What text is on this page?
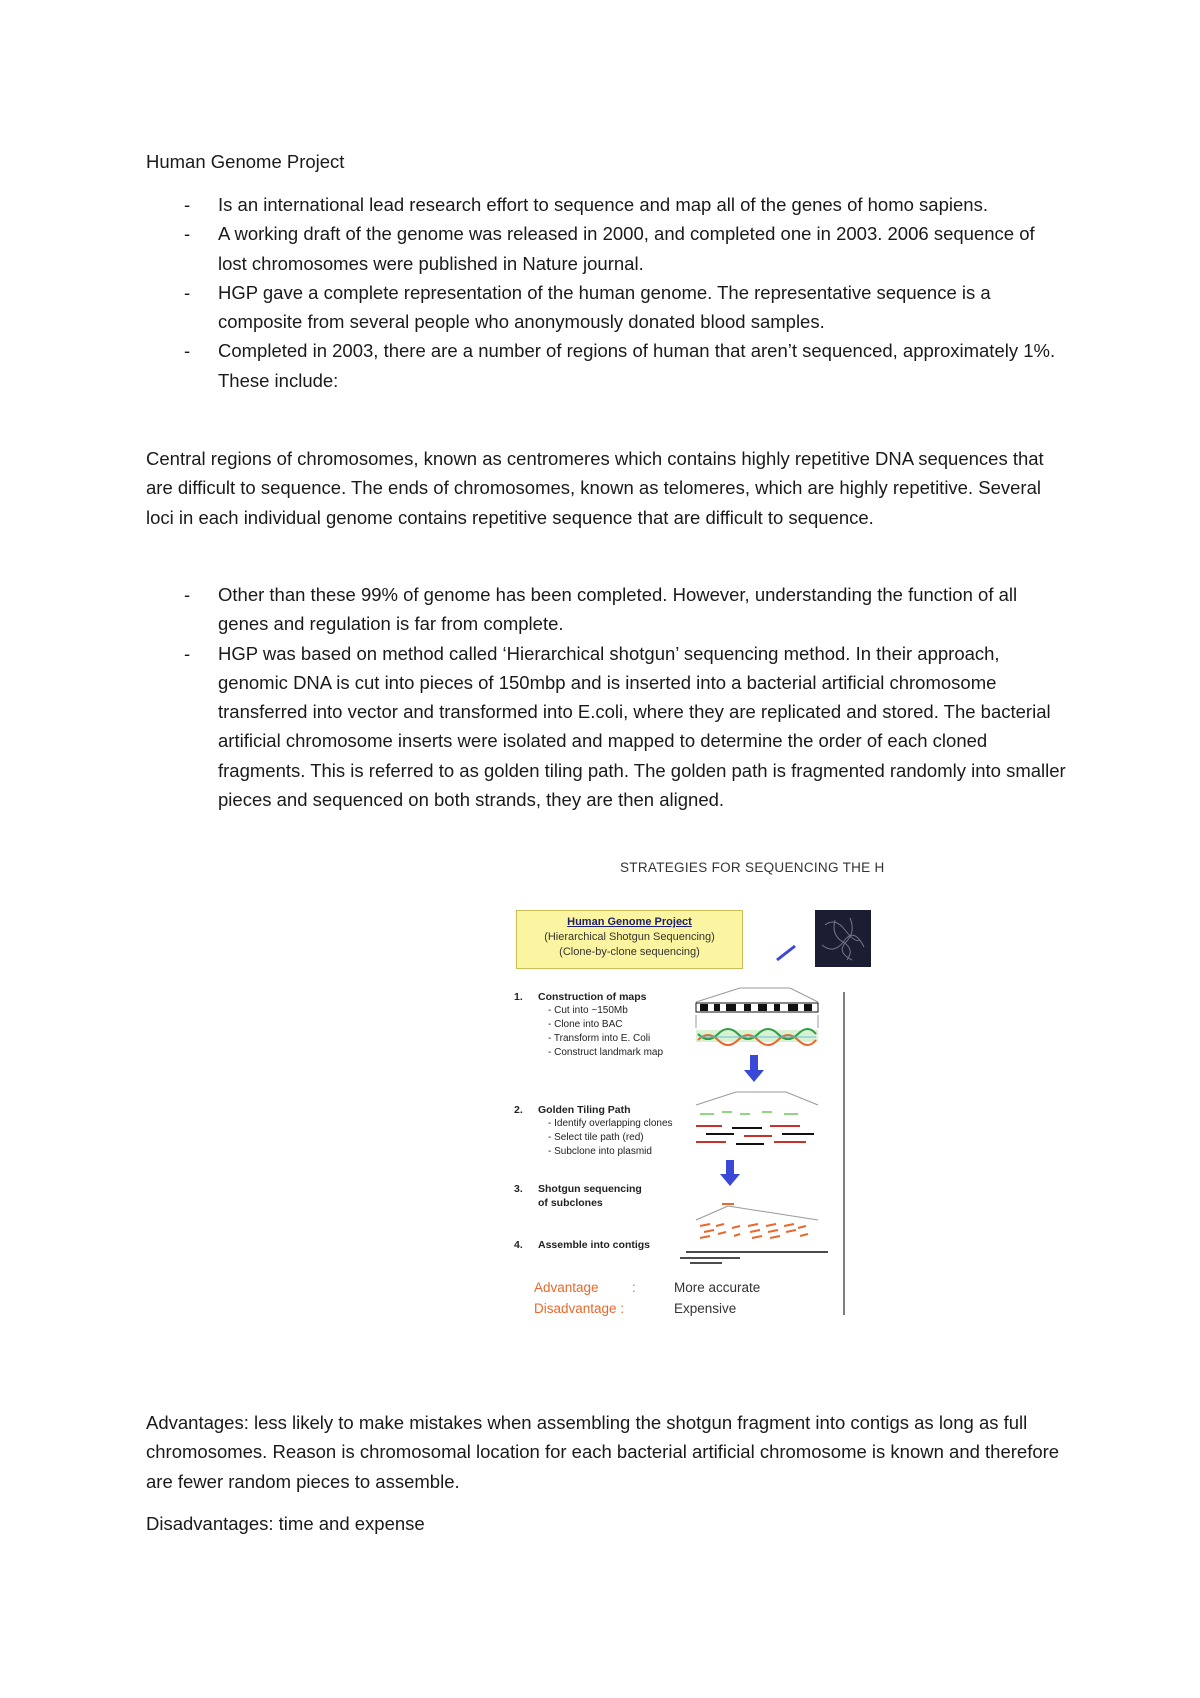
Human Genome Project
- Is an international lead research effort to sequence and map all of the genes of homo sapiens.
- A working draft of the genome was released in 2000, and completed one in 2003. 2006 sequence of lost chromosomes were published in Nature journal.
- HGP gave a complete representation of the human genome. The representative sequence is a composite from several people who anonymously donated blood samples.
- Completed in 2003, there are a number of regions of human that aren’t sequenced, approximately 1%. These include:

Central regions of chromosomes, known as centromeres which contains highly repetitive DNA sequences that are difficult to sequence. The ends of chromosomes, known as telomeres, which are highly repetitive. Several loci in each individual genome contains repetitive sequence that are difficult to sequence.

- Other than these 99% of genome has been completed. However, understanding the function of all genes and regulation is far from complete.
- HGP was based on method called ‘Hierarchical shotgun’ sequencing method. In their approach, genomic DNA is cut into pieces of 150mbp and is inserted into a bacterial artificial chromosome transferred into vector and transformed into E.coli, where they are replicated and stored. The bacterial artificial chromosome inserts were isolated and mapped to determine the order of each cloned fragments. This is referred to as golden tiling path. The golden path is fragmented randomly into smaller pieces and sequenced on both strands, they are then aligned.
STRATEGIES FOR SEQUENCING THE H
Human Genome Project
(Hierarchical Shotgun Sequencing)
(Clone-by-clone sequencing)
1. Construction of maps
- Cut into ~150Mb
- Clone into BAC
- Transform into E. Coli
- Construct landmark map
2. Golden Tiling Path
- Identify overlapping clones
- Select tile path (red)
- Subclone into plasmid
3. Shotgun sequencing
of subclones
4. Assemble into contigs
Advantage :	More accurate
Disadvantage :	Expensive

Advantages: less likely to make mistakes when assembling the shotgun fragment into contigs as long as full chromosomes. Reason is chromosomal location for each bacterial artificial chromosome is known and therefore are fewer random pieces to assemble.

Disadvantages: time and expense
